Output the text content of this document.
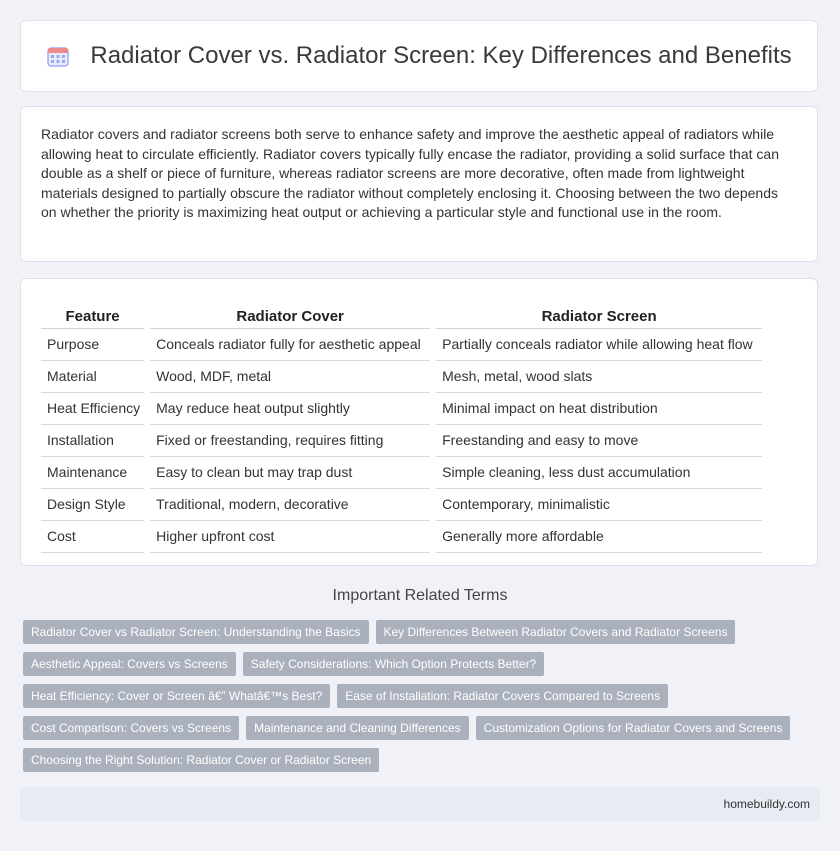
Radiator Cover vs. Radiator Screen: Key Differences and Benefits

Radiator covers and radiator screens both serve to enhance safety and improve the aesthetic appeal of radiators while allowing heat to circulate efficiently. Radiator covers typically fully encase the radiator, providing a solid surface that can double as a shelf or piece of furniture, whereas radiator screens are more decorative, often made from lightweight materials designed to partially obscure the radiator without completely enclosing it. Choosing between the two depends on whether the priority is maximizing heat output or achieving a particular style and functional use in the room.

Feature	Radiator Cover	Radiator Screen
Purpose	Conceals radiator fully for aesthetic appeal	Partially conceals radiator while allowing heat flow
Material	Wood, MDF, metal	Mesh, metal, wood slats
Heat Efficiency	May reduce heat output slightly	Minimal impact on heat distribution
Installation	Fixed or freestanding, requires fitting	Freestanding and easy to move
Maintenance	Easy to clean but may trap dust	Simple cleaning, less dust accumulation
Design Style	Traditional, modern, decorative	Contemporary, minimalistic
Cost	Higher upfront cost	Generally more affordable
Important Related Terms
Radiator Cover vs Radiator Screen: Understanding the Basics	Key Differences Between Radiator Covers and Radiator Screens
Aesthetic Appeal: Covers vs Screens	Safety Considerations: Which Option Protects Better?
Heat Efficiency: Cover or Screen â€” Whatâ€™s Best?	Ease of Installation: Radiator Covers Compared to Screens
Cost Comparison: Covers vs Screens	Maintenance and Cleaning Differences	Customization Options for Radiator Covers and Screens
Choosing the Right Solution: Radiator Cover or Radiator Screen
homebuildy.com
